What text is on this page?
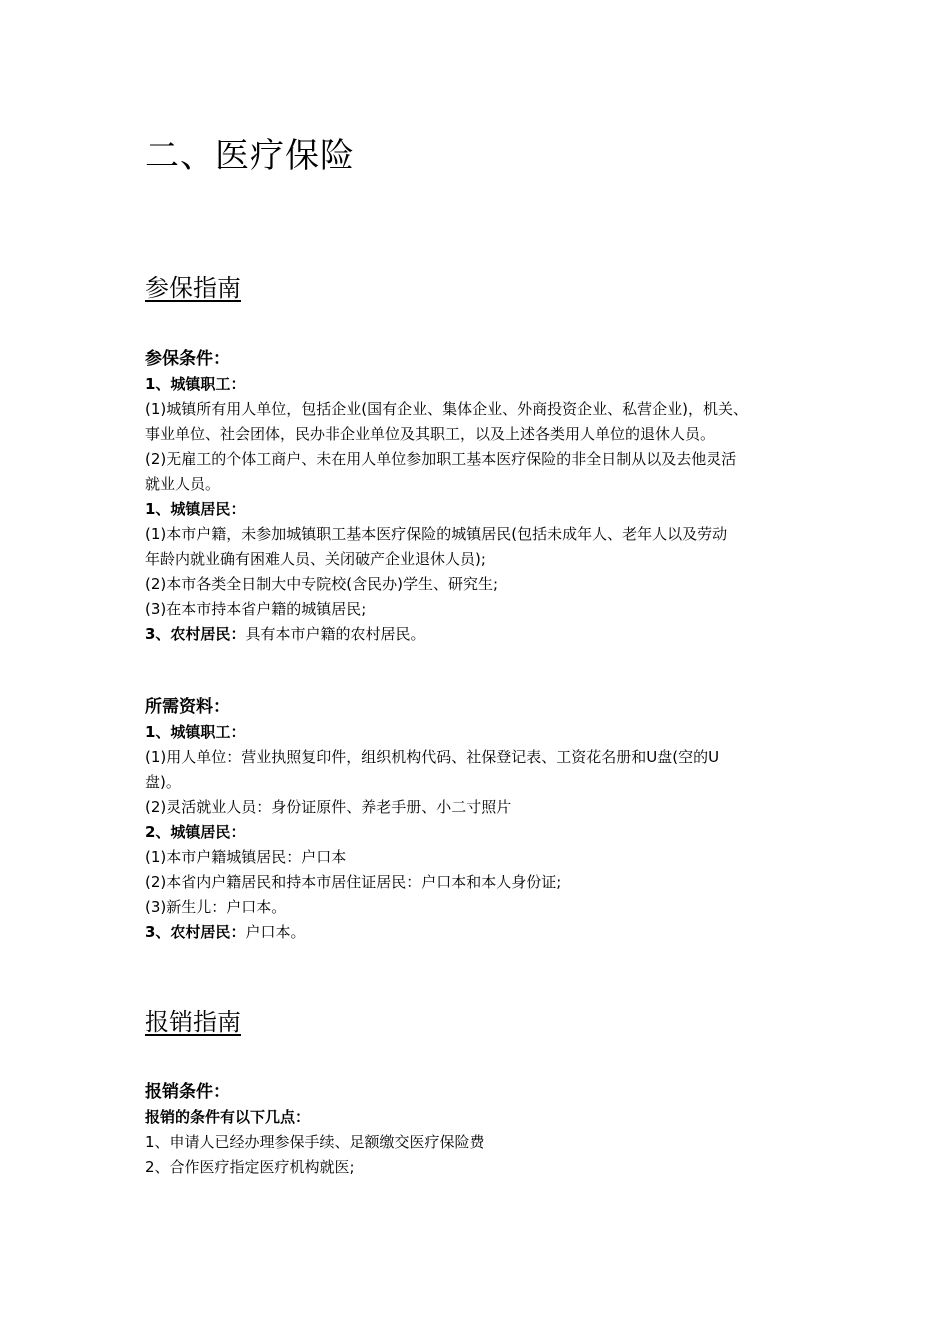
二、医疗保险
参保指南
参保条件：
1、城镇职工：
(1)城镇所有用人单位，包括企业(国有企业、集体企业、外商投资企业、私营企业)，机关、
事业单位、社会团体，民办非企业单位及其职工，以及上述各类用人单位的退休人员。
(2)无雇工的个体工商户、未在用人单位参加职工基本医疗保险的非全日制从以及去他灵活
就业人员。
1、城镇居民：
(1)本市户籍，未参加城镇职工基本医疗保险的城镇居民(包括未成年人、老年人以及劳动
年龄内就业确有困难人员、关闭破产企业退休人员);
(2)本市各类全日制大中专院校(含民办)学生、研究生;
(3)在本市持本省户籍的城镇居民;
3、农村居民：具有本市户籍的农村居民。
所需资料：
1、城镇职工：
(1)用人单位：营业执照复印件，组织机构代码、社保登记表、工资花名册和U盘(空的U
盘)。
(2)灵活就业人员：身份证原件、养老手册、小二寸照片
2、城镇居民：
(1)本市户籍城镇居民：户口本
(2)本省内户籍居民和持本市居住证居民：户口本和本人身份证;
(3)新生儿：户口本。
3、农村居民：户口本。
报销指南
报销条件：
报销的条件有以下几点：
1、申请人已经办理参保手续、足额缴交医疗保险费
2、合作医疗指定医疗机构就医;
